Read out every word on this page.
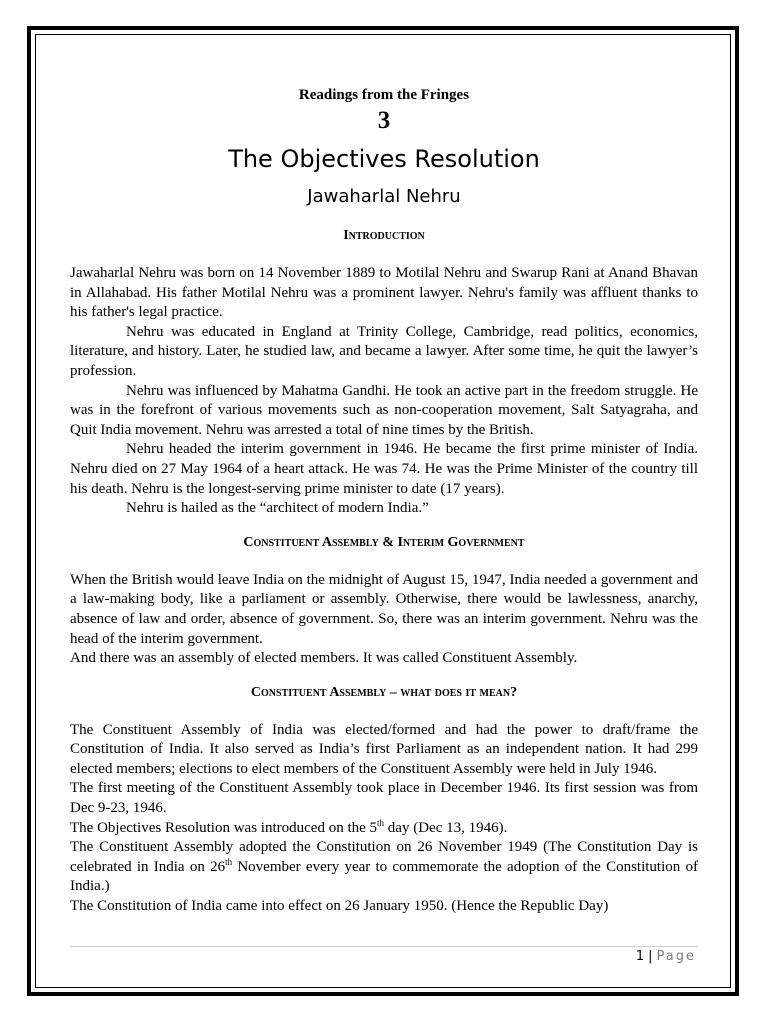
Readings from the Fringes

3

The Objectives Resolution

Jawaharlal Nehru

Introduction

Jawaharlal Nehru was born on 14 November 1889 to Motilal Nehru and Swarup Rani at Anand Bhavan in Allahabad. His father Motilal Nehru was a prominent lawyer. Nehru's family was affluent thanks to his father's legal practice.

Nehru was educated in England at Trinity College, Cambridge, read politics, economics, literature, and history. Later, he studied law, and became a lawyer. After some time, he quit the lawyer’s profession.

Nehru was influenced by Mahatma Gandhi. He took an active part in the freedom struggle. He was in the forefront of various movements such as non-cooperation movement, Salt Satyagraha, and Quit India movement. Nehru was arrested a total of nine times by the British.

Nehru headed the interim government in 1946. He became the first prime minister of India. Nehru died on 27 May 1964 of a heart attack. He was 74. He was the Prime Minister of the country till his death. Nehru is the longest-serving prime minister to date (17 years).

Nehru is hailed as the “architect of modern India.”

Constituent Assembly & Interim Government

When the British would leave India on the midnight of August 15, 1947, India needed a government and a law-making body, like a parliament or assembly. Otherwise, there would be lawlessness, anarchy, absence of law and order, absence of government. So, there was an interim government. Nehru was the head of the interim government.

And there was an assembly of elected members. It was called Constituent Assembly.

Constituent Assembly – what does it mean?

The Constituent Assembly of India was elected/formed and had the power to draft/frame the Constitution of India. It also served as India’s first Parliament as an independent nation. It had 299 elected members; elections to elect members of the Constituent Assembly were held in July 1946.

The first meeting of the Constituent Assembly took place in December 1946. Its first session was from Dec 9-23, 1946.

The Objectives Resolution was introduced on the 5th day (Dec 13, 1946).

The Constituent Assembly adopted the Constitution on 26 November 1949 (The Constitution Day is celebrated in India on 26th November every year to commemorate the adoption of the Constitution of India.)

The Constitution of India came into effect on 26 January 1950. (Hence the Republic Day)

1 | Page
